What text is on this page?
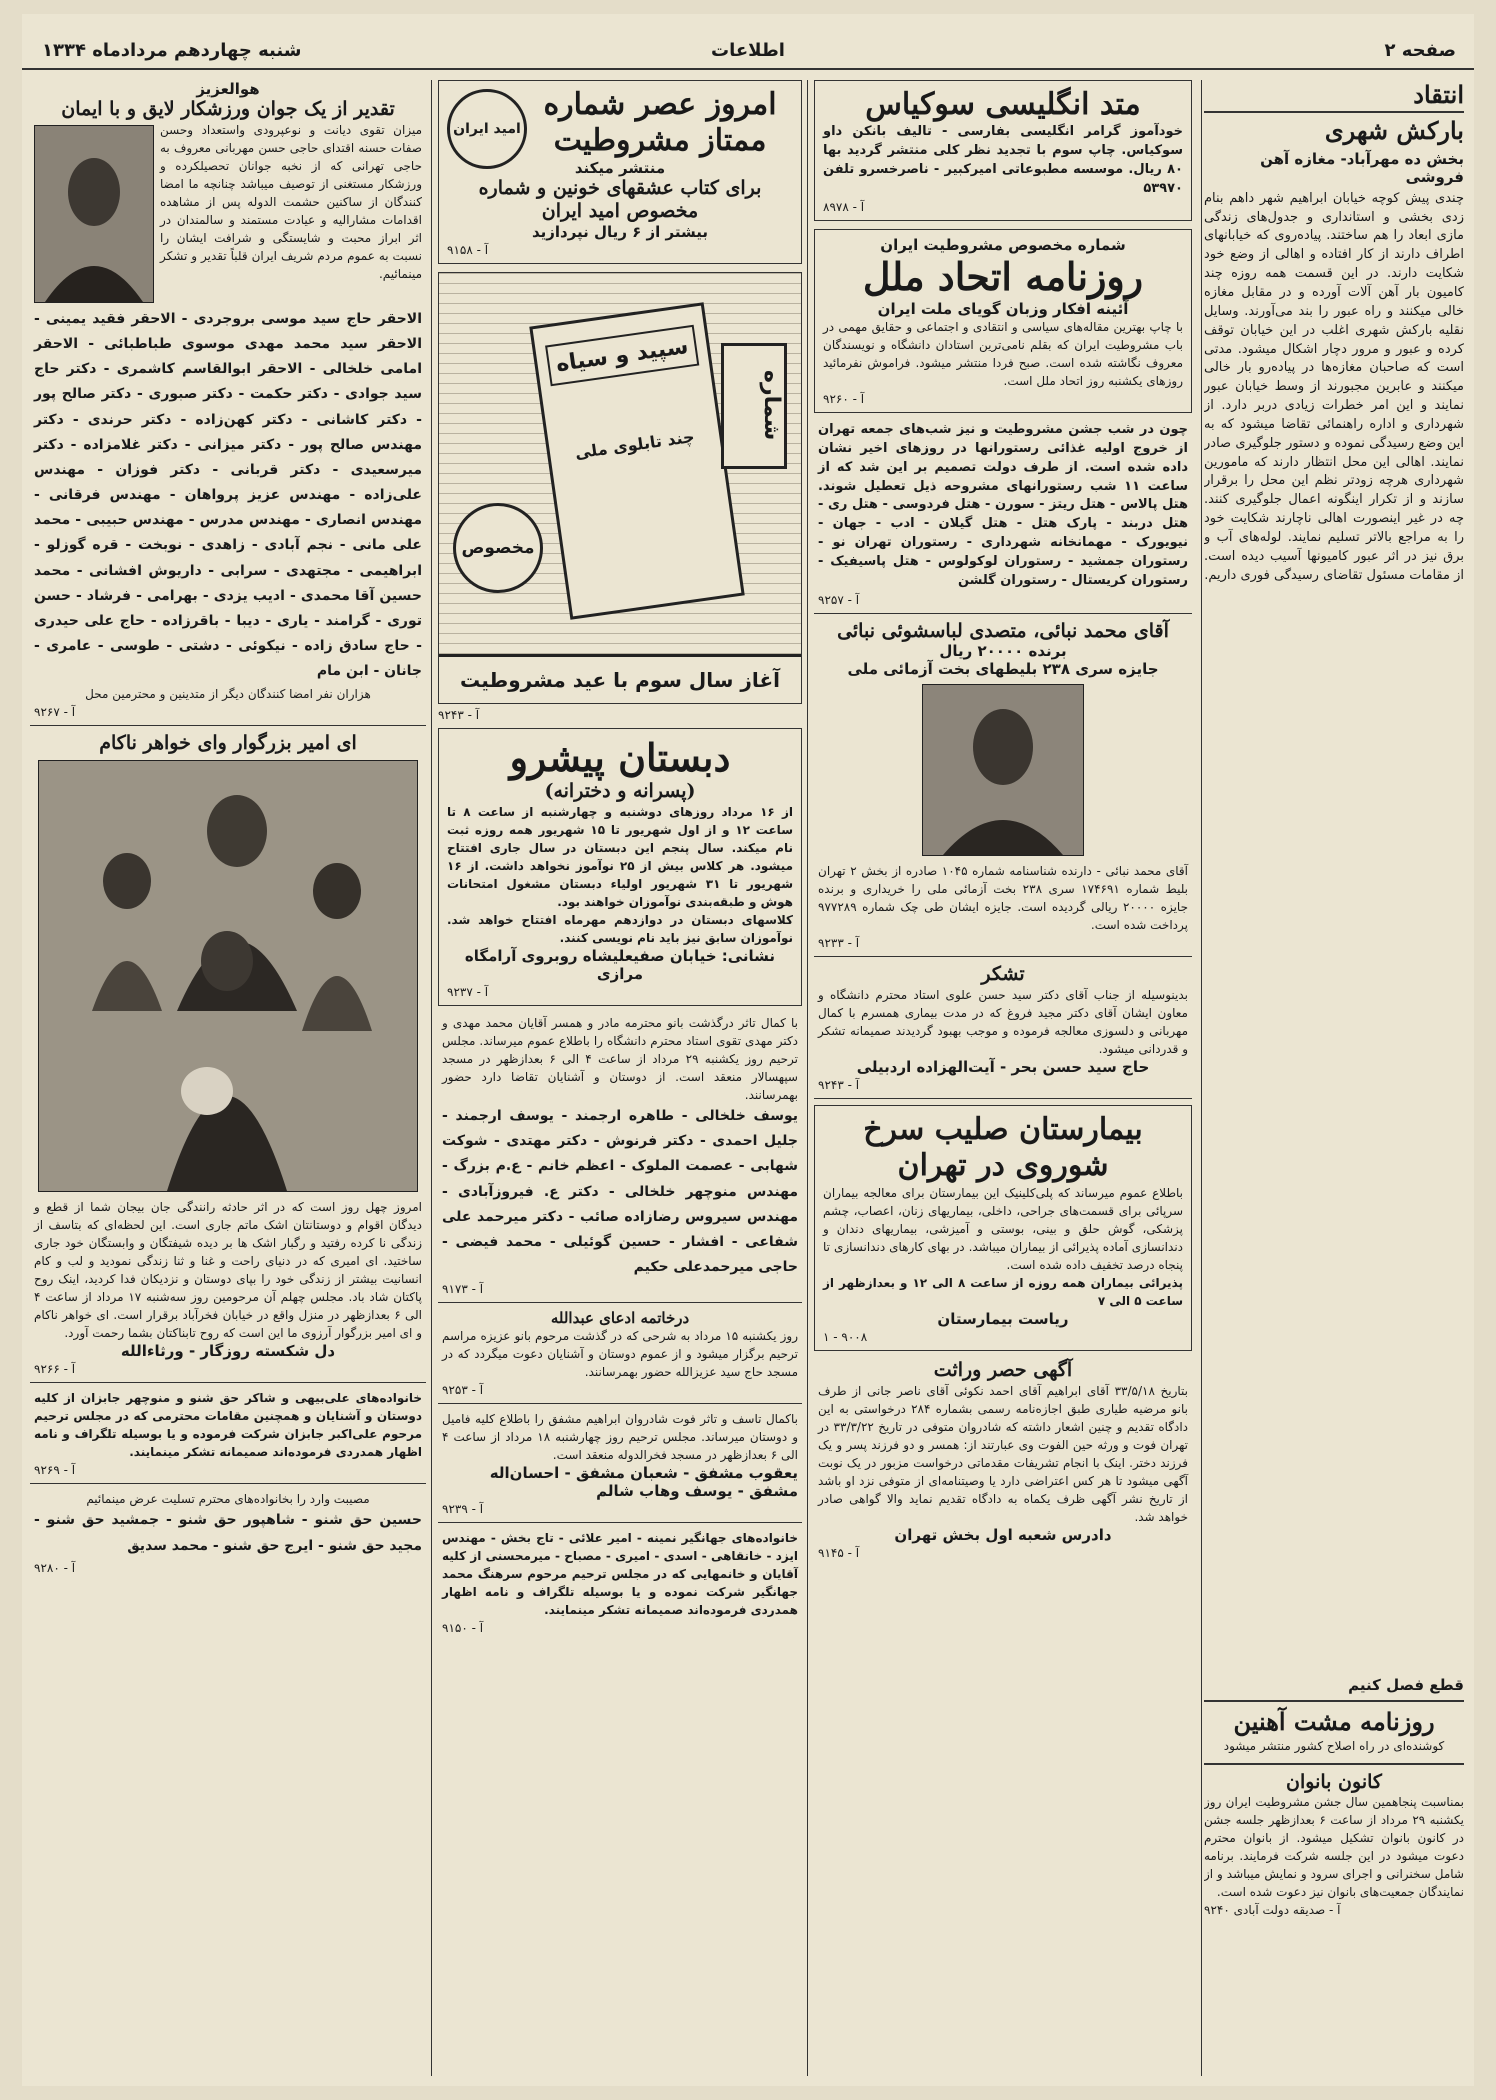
صفحه ۲
اطلاعات
شنبه چهاردهم مردادماه ۱۳۳۴
انتقاد
بارکش شهری
بخش ده مهرآباد- مغازه آهن فروشی
چندی پیش کوچه خیابان ابراهیم شهر داهم بنام زدی بخشی و استانداری و جدول‌های زندگی مازی ابعاد را هم ساختند. پیاده‌روی که خیابانهای اطراف دارند از کار افتاده و اهالی از وضع خود شکایت دارند. در این قسمت همه روزه چند کامیون بار آهن آلات آورده و در مقابل مغازه خالی میکنند و راه عبور را بند می‌آورند. وسایل نقلیه بارکش شهری اغلب در این خیابان توقف کرده و عبور و مرور دچار اشکال میشود. مدتی است که صاحبان مغازه‌ها در پیاده‌رو بار خالی میکنند و عابرین مجبورند از وسط خیابان عبور نمایند و این امر خطرات زیادی دربر دارد. از شهرداری و اداره راهنمائی تقاضا میشود که به این وضع رسیدگی نموده و دستور جلوگیری صادر نمایند. اهالی این محل انتظار دارند که مامورین شهرداری هرچه زودتر نظم این محل را برقرار سازند و از تکرار اینگونه اعمال جلوگیری کنند. چه در غیر اینصورت اهالی ناچارند شکایت خود را به مراجع بالاتر تسلیم نمایند. لوله‌های آب و برق نیز در اثر عبور کامیونها آسیب دیده است. از مقامات مسئول تقاضای رسیدگی فوری داریم.
قطع فصل کنیم
روزنامه مشت آهنین
کوشنده‌ای در راه اصلاح کشور منتشر میشود
کانون بانوان
بمناسبت پنجاهمین سال جشن مشروطیت ایران روز یکشنبه ۲۹ مرداد از ساعت ۶ بعدازظهر جلسه جشن در کانون بانوان تشکیل میشود. از بانوان محترم دعوت میشود در این جلسه شرکت فرمایند. برنامه شامل سخنرانی و اجرای سرود و نمایش میباشد و از نمایندگان جمعیت‌های بانوان نیز دعوت شده است.
۹۲۴۰ آ - صدیقه دولت آبادی
متد انگلیسی سوکیاس
خودآموز گرامر انگلیسی بفارسی - تالیف بانکن داو سوکیاس. چاپ سوم با تجدید نظر کلی منتشر گردید بها ۸۰ ریال. موسسه مطبوعاتی امیرکبیر - ناصرخسرو تلفن ۵۳۹۷۰
آ - ۸۹۷۸
شماره مخصوص مشروطیت ایران
روزنامه اتحاد ملل
آئینه افکار وزبان گویای ملت ایران
با چاپ بهترین مقاله‌های سیاسی و انتقادی و اجتماعی و حقایق مهمی در باب مشروطیت ایران که بقلم نامی‌ترین استادان دانشگاه و نویسندگان معروف نگاشته شده است. صبح فردا منتشر میشود. فراموش نفرمائید روزهای یکشنبه روز اتحاد ملل است.
آ - ۹۲۶۰
چون در شب جشن مشروطیت و نیز شب‌های جمعه تهران از خروج اولیه غذائی رستورانها در روزهای اخیر نشان داده شده است. از طرف دولت تصمیم بر این شد که از ساعت ۱۱ شب رستورانهای مشروحه ذیل تعطیل شوند. هتل پالاس - هتل ریتز - سورن - هتل فردوسی - هتل ری - هتل دربند - پارک هتل - هتل گیلان - ادب - جهان - نیویورک - مهمانخانه شهرداری - رستوران تهران نو - رستوران جمشید - رستوران لوکولوس - هتل پاسیفیک - رستوران کریستال - رستوران گلشن
آ - ۹۲۵۷
آقای محمد نبائی، متصدی لباسشوئی نبائی
برنده ۲۰۰۰۰ ریال
جایزه سری ۲۳۸ بلیطهای بخت آزمائی ملی
آقای محمد نبائی - دارنده شناسنامه شماره ۱۰۴۵ صادره از بخش ۲ تهران بلیط شماره ۱۷۴۶۹۱ سری ۲۳۸ بخت آزمائی ملی را خریداری و برنده جایزه ۲۰۰۰۰ ریالی گردیده است. جایزه ایشان طی چک شماره ۹۷۷۲۸۹ پرداخت شده است.
آ - ۹۲۳۳
تشکر
بدینوسیله از جناب آقای دکتر سید حسن علوی استاد محترم دانشگاه و معاون ایشان آقای دکتر مجید فروغ که در مدت بیماری همسرم با کمال مهربانی و دلسوزی معالجه فرموده و موجب بهبود گردیدند صمیمانه تشکر و قدردانی میشود.
حاج سید حسن بحر - آیت‌الهزاده اردبیلی
آ - ۹۲۴۳
بیمارستان صلیب سرخ
شوروی در تهران
باطلاع عموم میرساند که پلی‌کلینیک این بیمارستان برای معالجه بیماران سرپائی برای قسمت‌های جراحی، داخلی، بیماریهای زنان، اعصاب، چشم پزشکی، گوش حلق و بینی، بوستی و آمیزشی، بیماریهای دندان و دندانسازی آماده پذیرائی از بیماران میباشد. در بهای کارهای دندانسازی تا پنجاه درصد تخفیف داده شده است.
پذیرائی بیماران همه روزه از ساعت ۸ الی ۱۲ و بعدازظهر از ساعت ۵ الی ۷
ریاست بیمارستان
۱ - ۹۰۰۸
آگهی حصر وراثت
بتاریخ ۳۳/۵/۱۸ آقای ابراهیم آقای احمد نکوئی آقای ناصر جانی از طرف بانو مرضیه طیاری طبق اجازه‌نامه رسمی بشماره ۲۸۴ درخواستی به این دادگاه تقدیم و چنین اشعار داشته که شادروان متوفی در تاریخ ۳۳/۳/۲۲ در تهران فوت و ورثه حین الفوت وی عبارتند از: همسر و دو فرزند پسر و یک فرزند دختر. اینک با انجام تشریفات مقدماتی درخواست مزبور در یک نوبت آگهی میشود تا هر کس اعتراضی دارد یا وصیتنامه‌ای از متوفی نزد او باشد از تاریخ نشر آگهی ظرف یکماه به دادگاه تقدیم نماید والا گواهی صادر خواهد شد.
دادرس شعبه اول بخش تهران
آ - ۹۱۴۵
امید ایران
امروز عصر شماره
ممتاز مشروطیت
منتشر میکند
برای کتاب عشقهای خونین و شماره مخصوص امید ایران
بیشتر از ۶ ریال نپردازید
آ - ۹۱۵۸
سپید و سیاه
چند تابلوی ملی
شماره
مخصوص
آغاز سال سوم با عید مشروطیت
آ - ۹۲۴۳
دبستان پیشرو
(پسرانه و دخترانه)
از ۱۶ مرداد روزهای دوشنبه و چهارشنبه از ساعت ۸ تا ساعت ۱۲ و از اول شهریور تا ۱۵ شهریور همه روزه ثبت نام میکند. سال پنجم این دبستان در سال جاری افتتاح میشود. هر کلاس بیش از ۲۵ نوآموز نخواهد داشت. از ۱۶ شهریور تا ۳۱ شهریور اولیاء دبستان مشغول امتحانات هوش و طبقه‌بندی نوآموزان خواهند بود.
کلاسهای دبستان در دوازدهم مهرماه افتتاح خواهد شد. نوآموزان سابق نیز باید نام نویسی کنند.
نشانی: خیابان صفیعلیشاه روبروی آرامگاه مرازی
آ - ۹۲۳۷
با کمال تاثر درگذشت بانو محترمه مادر و همسر آقایان محمد مهدی و دکتر مهدی تقوی استاد محترم دانشگاه را باطلاع عموم میرساند. مجلس ترحیم روز یکشنبه ۲۹ مرداد از ساعت ۴ الی ۶ بعدازظهر در مسجد سپهسالار منعقد است. از دوستان و آشنایان تقاضا دارد حضور بهمرسانند.
یوسف خلخالی - طاهره ارجمند - یوسف ارجمند - جلیل احمدی - دکتر فرنوش - دکتر مهتدی - شوکت شهابی - عصمت الملوک - اعظم خانم - ع.م بزرگ - مهندس منوچهر خلخالی - دکتر ع. فیروزآبادی - مهندس سیروس رضازاده صائب - دکتر میرحمد علی شفاعی - افشار - حسین گوئیلی - محمد فیضی - حاجی میرحمدعلی حکیم
آ - ۹۱۷۳
درخاتمه ادعای عبدالله
روز یکشنبه ۱۵ مرداد به شرحی که در گذشت مرحوم بانو عزیزه مراسم ترحیم برگزار میشود و از عموم دوستان و آشنایان دعوت میگردد که در مسجد حاج سید عزیزالله حضور بهمرسانند.
آ - ۹۲۵۳
باکمال تاسف و تاثر فوت شادروان ابراهیم مشفق را باطلاع کلیه فامیل و دوستان میرساند. مجلس ترحیم روز چهارشنبه ۱۸ مرداد از ساعت ۴ الی ۶ بعدازظهر در مسجد فخرالدوله منعقد است.
یعقوب مشفق - شعبان مشفق - احسان‌اله مشفق - یوسف وهاب شالم
آ - ۹۲۳۹
خانواده‌های جهانگیر نمینه - امیر علائی - تاج بخش - مهندس ایزد - خانقاهی - اسدی - امیری - مصباح - میرمحسنی از کلیه آقایان و خانمهایی که در مجلس ترحیم مرحوم سرهنگ محمد جهانگیر شرکت نموده و یا بوسیله تلگراف و نامه اظهار همدردی فرموده‌اند صمیمانه تشکر مینمایند.
آ - ۹۱۵۰
هوالعزیز
تقدیر از یک جوان ورزشکار لایق و با ایمان
میزان تقوی دیانت و نوعپرودی واستعداد وحسن صفات حسنه اقتدای حاجی حسن مهربانی معروف به حاجی تهرانی که از نخبه جوانان تحصیلکرده و ورزشکار مستغنی از توصیف میباشد چنانچه ما امضا کنندگان از ساکنین حشمت الدوله پس از مشاهده اقدامات مشارالیه و عیادت مستمند و سالمندان در اثر ابراز محبت و شایستگی و شرافت ایشان را نسبت به عموم مردم شریف ایران قلباً تقدیر و تشکر مینمائیم.
الاحقر حاج سید موسی بروجردی - الاحقر فقید یمینی - الاحقر سید محمد مهدی موسوی طباطبائی - الاحقر امامی خلخالی - الاحقر ابوالقاسم کاشمری - دکتر حاج سید جوادی - دکتر حکمت - دکتر صبوری - دکتر صالح پور - دکتر کاشانی - دکتر کهن‌زاده - دکتر حرندی - دکتر مهندس صالح پور - دکتر میزانی - دکتر غلامزاده - دکتر میرسعیدی - دکتر قربانی - دکتر فوزان - مهندس علی‌زاده - مهندس عزیز پرواهان - مهندس فرقانی - مهندس انصاری - مهندس مدرس - مهندس حبیبی - محمد علی مانی - نجم آبادی - زاهدی - نوبخت - قره گوزلو - ابراهیمی - مجتهدی - سرابی - داریوش افشانی - محمد حسین آقا محمدی - ادیب یزدی - بهرامی - فرشاد - حسن توری - گرامند - یاری - دیبا - باقرزاده - حاج علی حیدری - حاج سادق زاده - نیکوئی - دشتی - طوسی - عامری - جانان - ابن مام
هزاران نفر امضا کنندگان دیگر از متدینین و محترمین محل
آ - ۹۲۶۷
ای امیر بزرگوار وای خواهر ناکام
امروز چهل روز است که در اثر حادثه رانندگی جان بیجان شما از قطع و دیدگان اقوام و دوستانتان اشک ماتم جاری است. این لحظه‌ای که بتاسف از زندگی نا کرده رفتید و رگبار اشک ها بر دیده شیفتگان و وابستگان خود جاری ساختید. ای امیری که در دنیای راحت و غنا و ثنا زندگی نمودید و لب و کام انسانیت بیشتر از زندگی خود را بپای دوستان و نزدیکان فدا کردید، اینک روح پاکتان شاد باد. مجلس چهلم آن مرحومین روز سه‌شنبه ۱۷ مرداد از ساعت ۴ الی ۶ بعدازظهر در منزل واقع در خیابان فخرآباد برقرار است. ای خواهر ناکام و ای امیر بزرگوار آرزوی ما این است که روح تابناکتان بشما رحمت آورد.
دل شکسته روزگار - ورثاءالله
آ - ۹۲۶۶
خانواده‌های علی‌بیهی و شاکر حق شنو و منوچهر جابزان از کلیه دوستان و آشنایان و همچنین مقامات محترمی که در مجلس ترحیم مرحوم علی‌اکبر جابزان شرکت فرموده و یا بوسیله تلگراف و نامه اظهار همدردی فرموده‌اند صمیمانه تشکر مینمایند.
آ - ۹۲۶۹
مصیبت وارد را بخانواده‌های محترم تسلیت عرض مینمائیم
حسین حق شنو - شاهپور حق شنو - جمشید حق شنو - مجید حق شنو - ایرج حق شنو - محمد سدیق
آ - ۹۲۸۰
